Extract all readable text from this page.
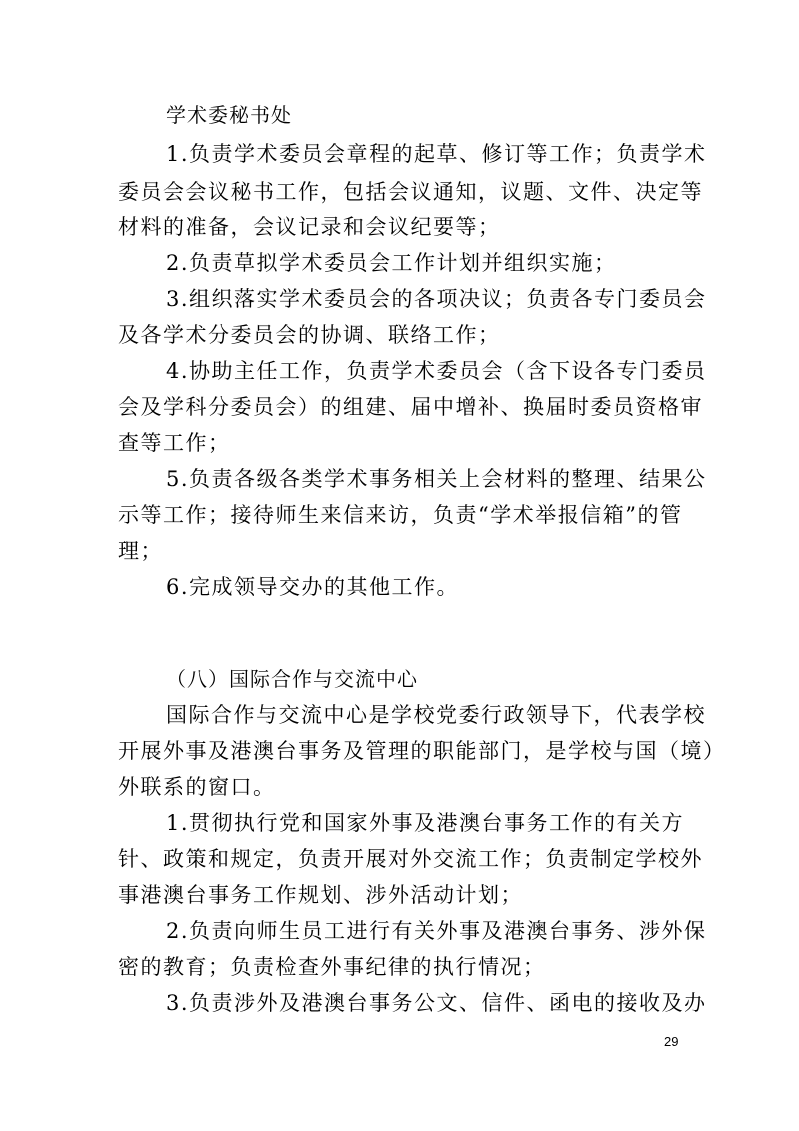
学术委秘书处
1.负责学术委员会章程的起草、修订等工作；负责学术
委员会会议秘书工作，包括会议通知，议题、文件、决定等
材料的准备，会议记录和会议纪要等；
2.负责草拟学术委员会工作计划并组织实施；
3.组织落实学术委员会的各项决议；负责各专门委员会
及各学术分委员会的协调、联络工作；
4.协助主任工作，负责学术委员会（含下设各专门委员
会及学科分委员会）的组建、届中增补、换届时委员资格审
查等工作；
5.负责各级各类学术事务相关上会材料的整理、结果公
示等工作；接待师生来信来访，负责“学术举报信箱”的管
理；
6.完成领导交办的其他工作。
（八）国际合作与交流中心
国际合作与交流中心是学校党委行政领导下，代表学校
开展外事及港澳台事务及管理的职能部门，是学校与国（境）
外联系的窗口。
1.贯彻执行党和国家外事及港澳台事务工作的有关方
针、政策和规定，负责开展对外交流工作；负责制定学校外
事港澳台事务工作规划、涉外活动计划；
2.负责向师生员工进行有关外事及港澳台事务、涉外保
密的教育；负责检查外事纪律的执行情况；
3.负责涉外及港澳台事务公文、信件、函电的接收及办
29
